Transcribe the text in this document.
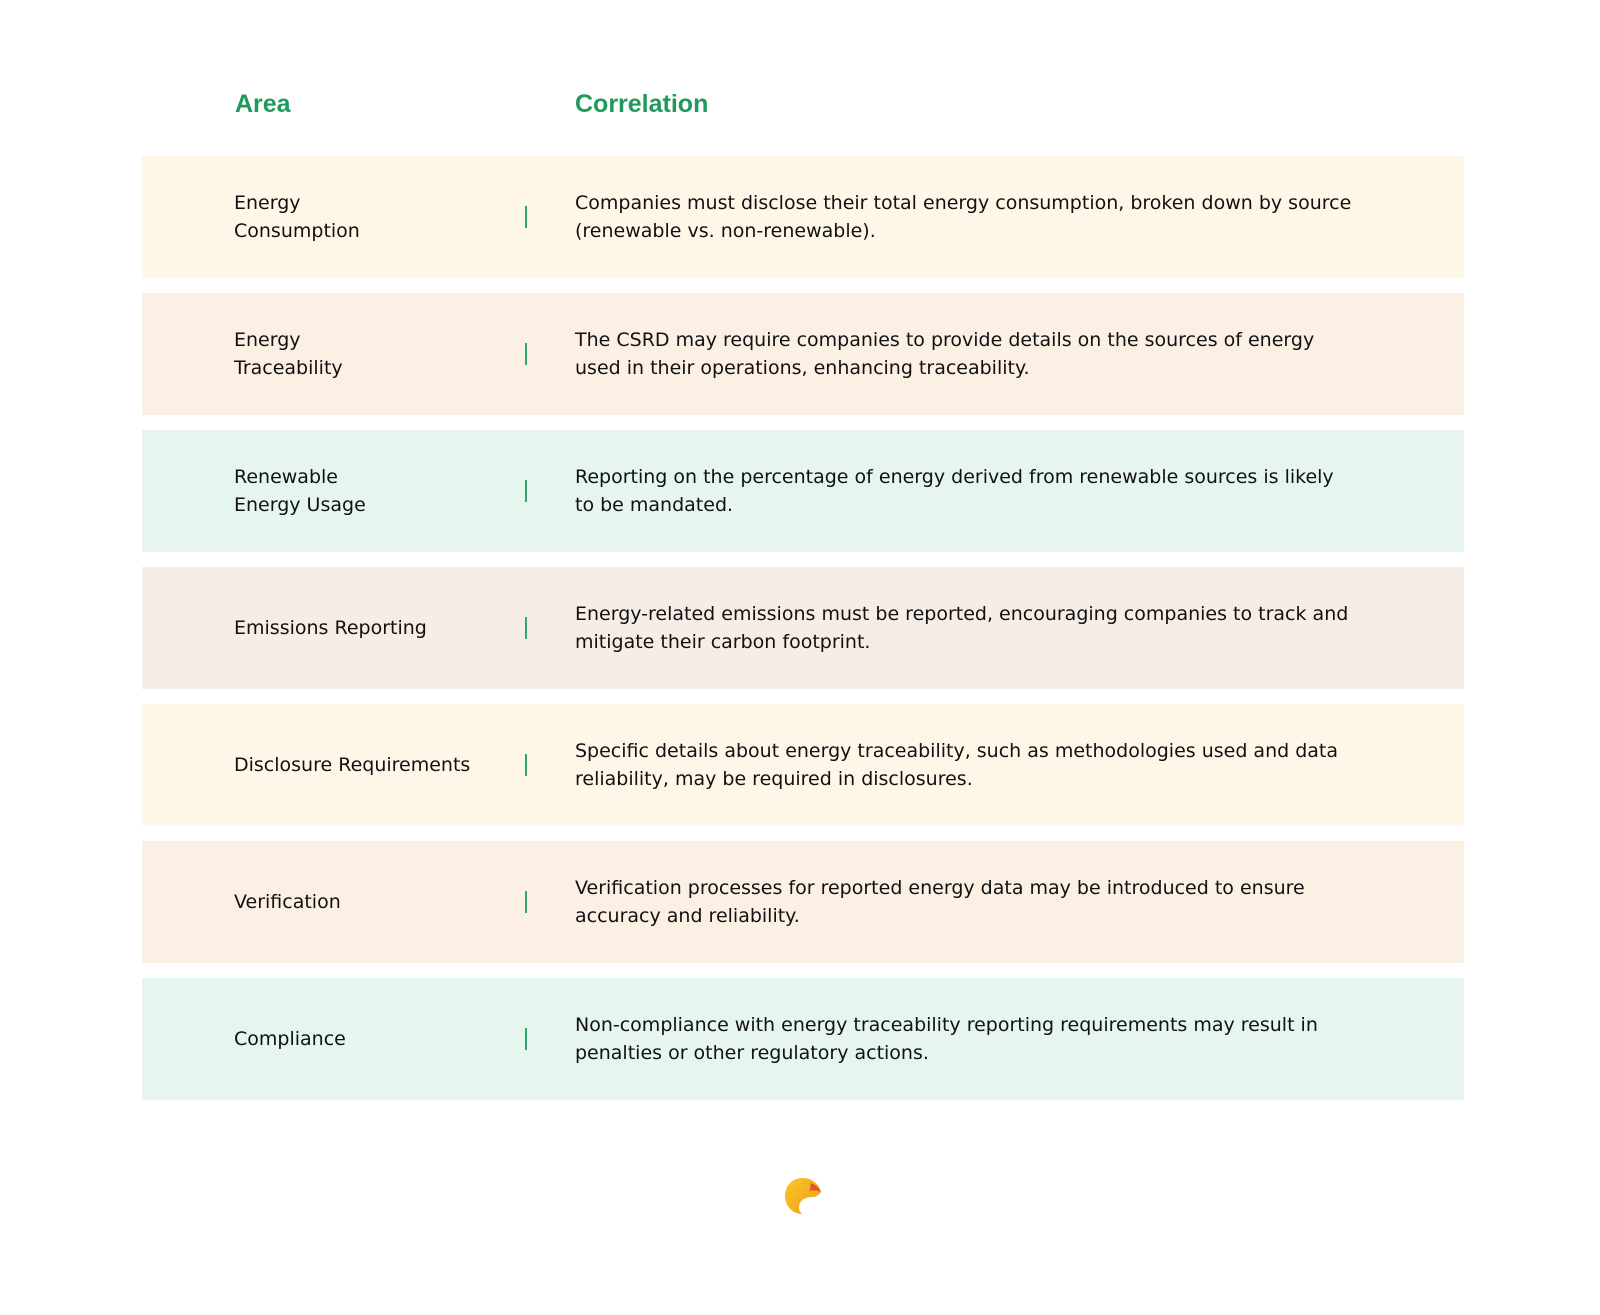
Area	Correlation
Energy
Consumption
Companies must disclose their total energy consumption, broken down by source (renewable vs. non-renewable).
Energy
Traceability
The CSRD may require companies to provide details on the sources of energy used in their operations, enhancing traceability.
Renewable
Energy Usage
Reporting on the percentage of energy derived from renewable sources is likely to be mandated.
Emissions Reporting
Energy-related emissions must be reported, encouraging companies to track and mitigate their carbon footprint.
Disclosure Requirements
Specific details about energy traceability, such as methodologies used and data reliability, may be required in disclosures.
Verification
Verification processes for reported energy data may be introduced to ensure accuracy and reliability.
Compliance
Non-compliance with energy traceability reporting requirements may result in penalties or other regulatory actions.
